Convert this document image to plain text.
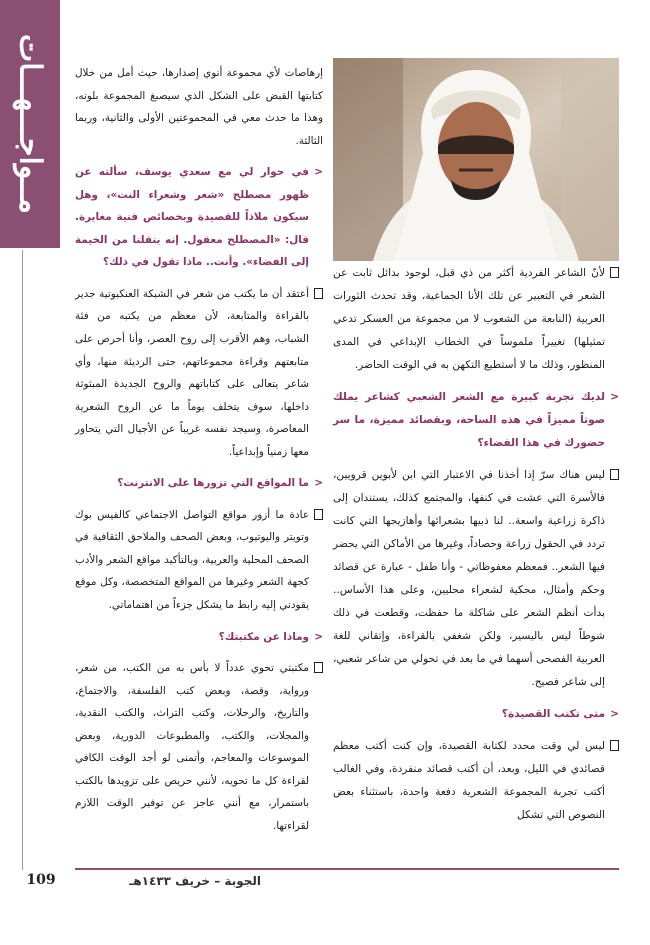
مــواجـــهـــات
لأنّ الشاعر الفردية أكثر من ذي قبل، لوجود بدائل ثابت عن الشعر في التعبير عن تلك الأنا الجماعية، وقد تحدث الثورات العربية (النابعة من الشعوب لا من مجموعة من العسكر تدعي تمثيلها) تغييراً ملموساً في الخطاب الإبداعي في المدى المنظور، وذلك ما لا أستطيع التكهن به في الوقت الحاضر.
<
لديك تجربة كبيرة مع الشعر الشعبي كشاعر يملك صوتاً مميزاً في هذه الساحة، وبقصائد مميزة، ما سر حضورك في هذا الفضاء؟
ليس هناك سرّ إذا أخذنا في الاعتبار التي ابن لأبوين قرويين، فالأسرة التي عشت في كنفها، والمجتمع كذلك، يستندان إلى ذاكرة زراعية واسعة.. لنا ذبيها بشعرائها وأهازيجها التي كانت تردد في الحقول زراعة وحصاداً، وغيرها من الأماكن التي يحضر فيها الشعر.. فمعظم معفوظاتي - وأنا طفل - عبارة عن قصائد وحكم وأمثال، محكية لشعراء محليين، وعلى هذا الأساس.. بدأت أنظم الشعر على شاكلة ما حفظت، وقطعت في ذلك شوطاً ليس باليسير، ولكن شغفي بالقراءة، وإتقاني للغة العربية الفصحى أسهما في ما بعد في تحولي من شاعر شعبي، إلى شاعر فصيح.
<
متى تكتب القصيدة؟
ليس لي وقت محدد لكتابة القصيدة، وإن كنت أكتب معظم قصائدي في الليل، وبعد، أن أكتب قصائد منفردة، وفي الغالب أكتب تجربة المجموعة الشعرية دفعة واحدة، باستثناء بعض النصوص التي تشكل
إرهاصات لأي مجموعة أنوي إصدارها، حيث أمل من خلال كتابتها القبض على الشكل الذي سيصبغ المجموعة بلونه، وهذا ما حدث معي في المجموعتين الأولى والثانية، وربما الثالثة.
<
في حوار لي مع سعدي يوسف، سألته عن ظهور مصطلح «شعر وشعراء النت»، وهل سيكون ملاذاً للقصيدة وبخصائص فنية مغايرة. قال: «المصطلح معقول. إنه ينقلنا من الخيمة إلى الفضاء». وأنت.. ماذا تقول في ذلك؟
أعتقد أن ما يكتب من شعر في الشبكة العنكبوتية جدير بالقراءة والمتابعة، لأن معظم من يكتبه من فئة الشباب، وهم الأقرب إلى روح العصر، وأنا أحرص على متابعتهم وقراءة مجموعاتهم، حتى الرديئة منها، وأي شاعر يتعالى على كتاباتهم والروح الجديدة المبثوثة داخلها، سوف يتخلف يوماً ما عن الروح الشعرية المعاصرة، وسيجد نفسه غريباً عن الأجيال التي يتحاور معها زمنياً وإبداعياً.
<
ما المواقع التي تزورها على الانترنت؟
عادة ما أزور مواقع التواصل الاجتماعي كالفيس بوك وتويتر واليوتيوب، وبعض الصحف والملاحق الثقافية في الصحف المحلية والعربية، وبالتأكيد مواقع الشعر والأدب كجهة الشعر وغيرها من المواقع المتخصصة، وكل موقع يقودني إليه رابط ما يشكل جزءاً من اهتماماتي.
<
وماذا عن مكتبتك؟
مكتبتي تحوي عدداً لا بأس به من الكتب، من شعر، ورواية، وقصة، وبعض كتب الفلسفة، والاجتماع، والتاريخ، والرحلات، وكتب التراث، والكتب النقدية، والمجلات، والكتب، والمطبوعات الدورية، وبعض الموسوعات والمعاجم، وأتمنى لو أجد الوقت الكافي لقراءة كل ما تحويه، لأنني حريص على تزويدها بالكتب باستمرار، مع أنني عاجز عن توفير الوقت اللازم لقراءتها.
109	الجوبة – خريف ١٤٣٣هـ
